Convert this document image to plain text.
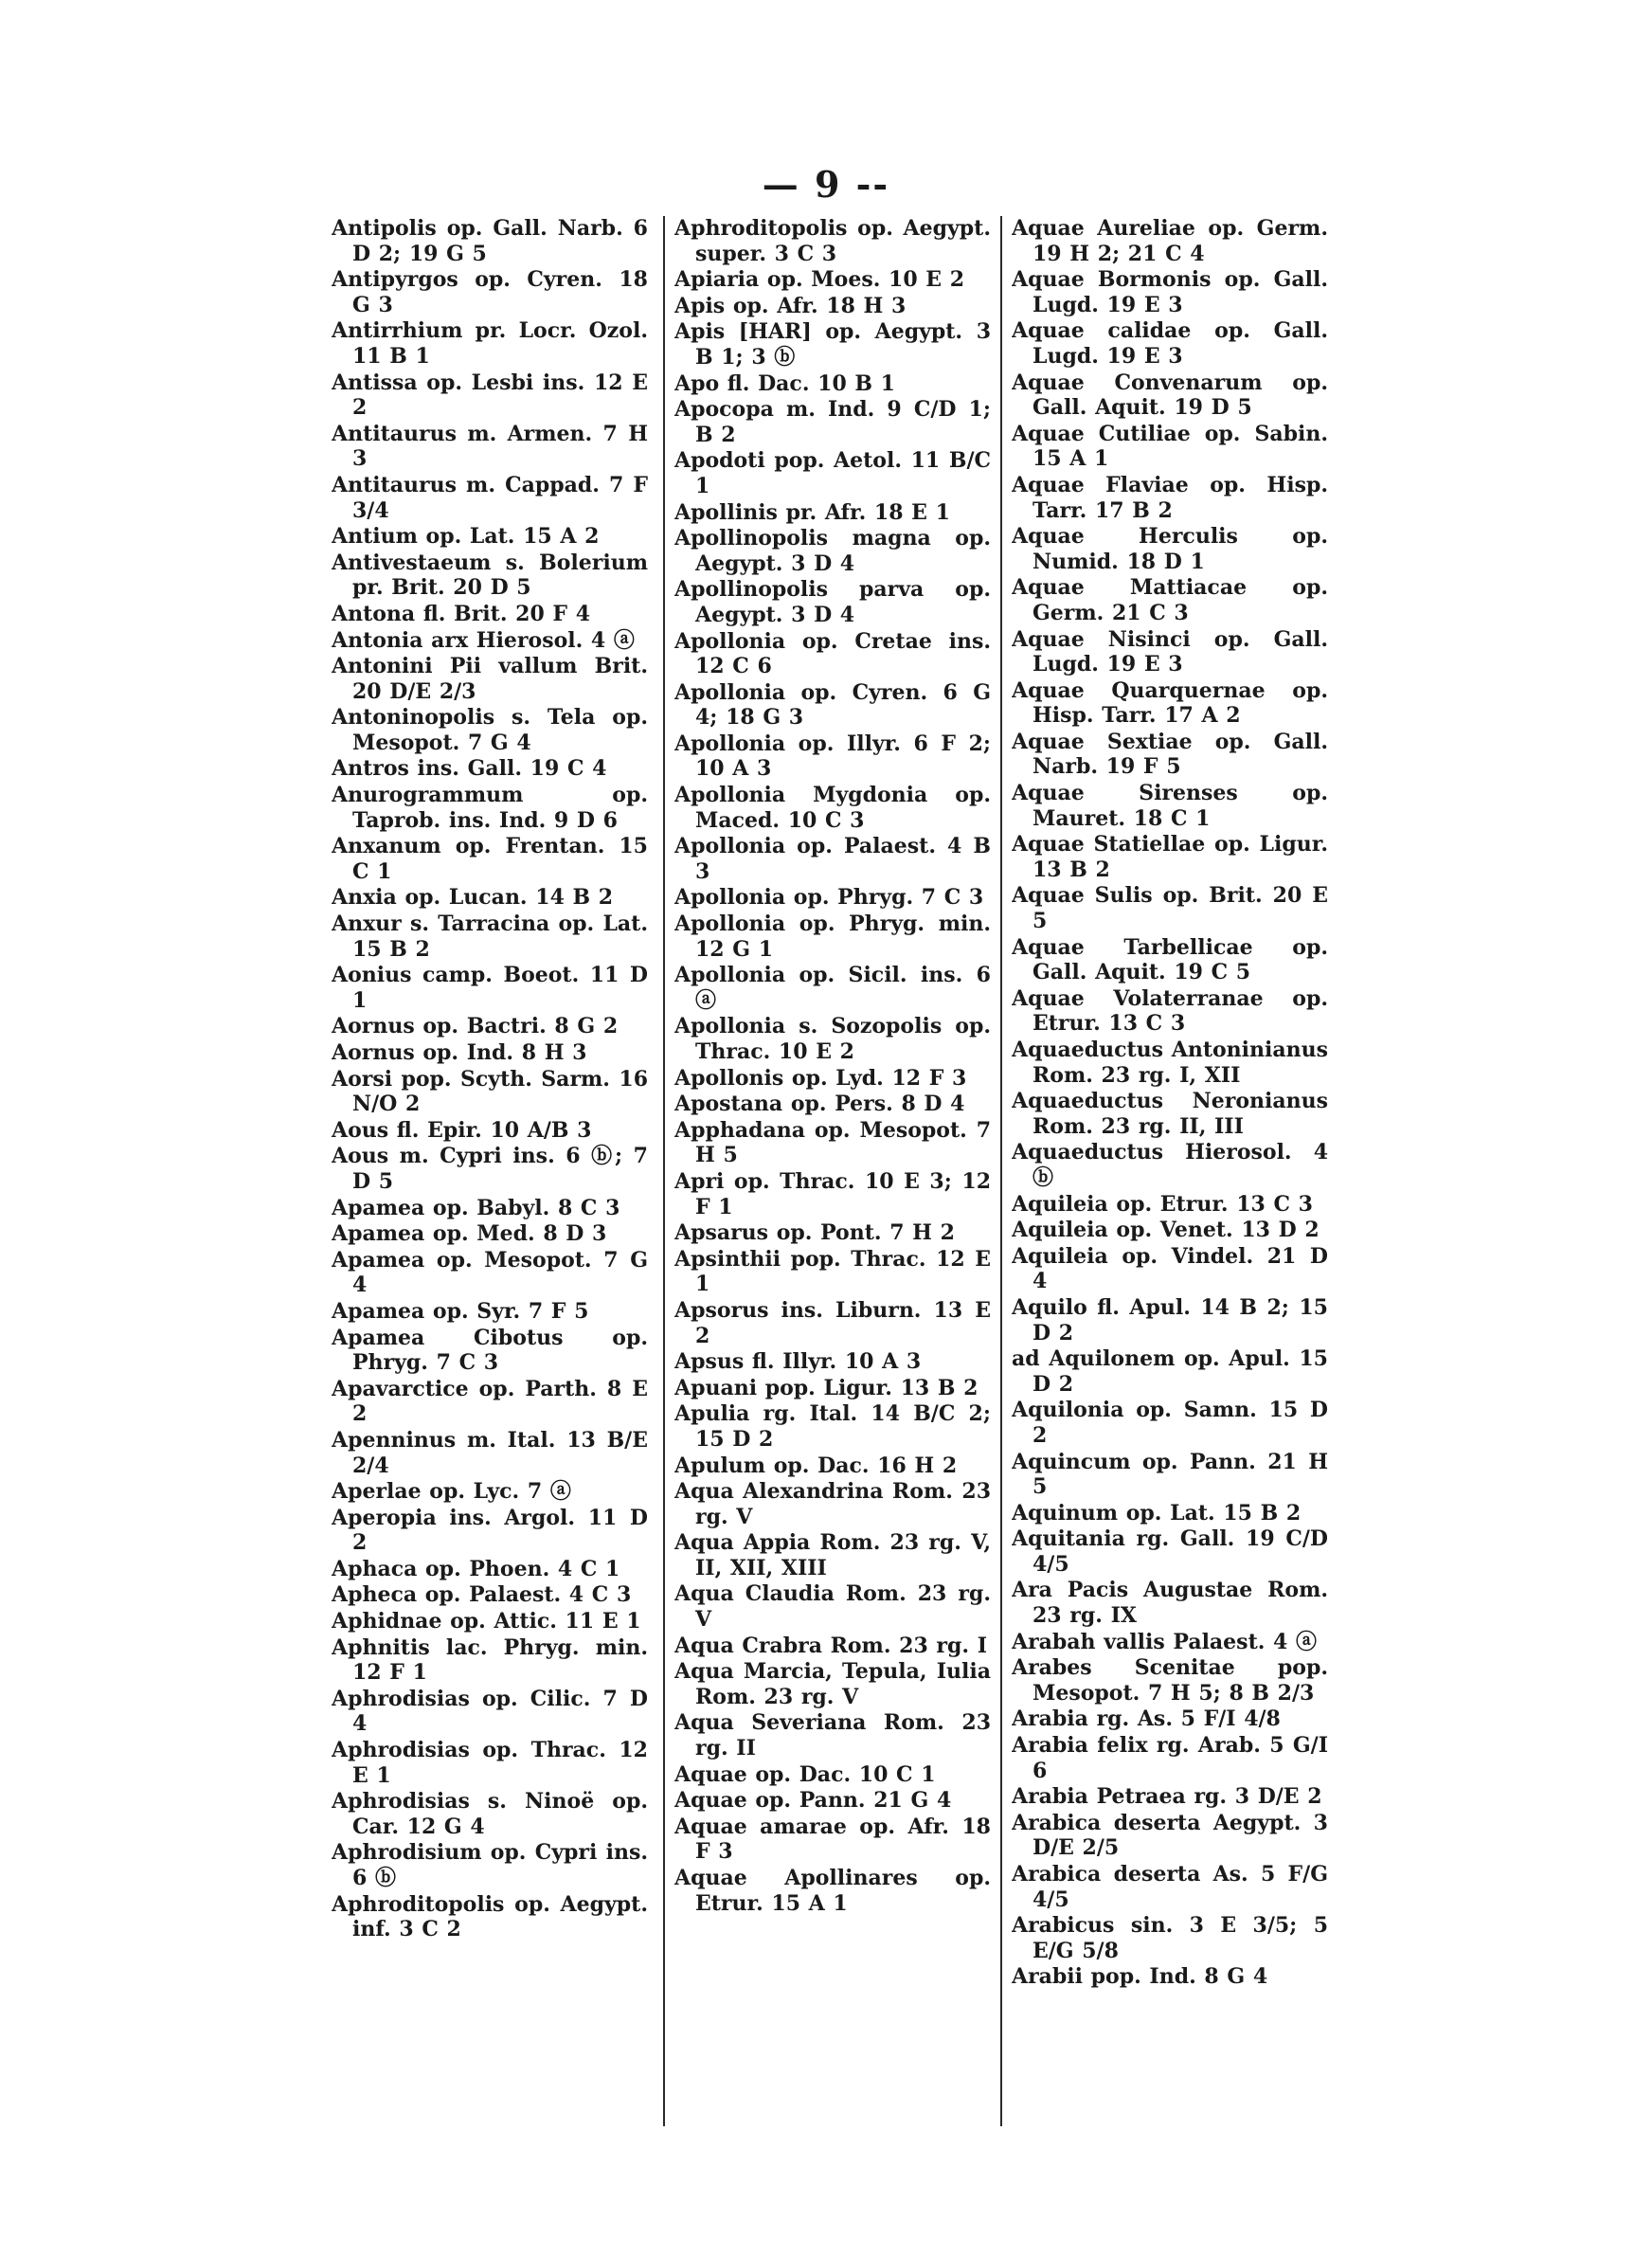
— 9 --
Antipolis op. Gall. Narb. 6 D 2; 19 G 5
Antipyrgos op. Cyren. 18 G 3
Antirrhium pr. Locr. Ozol. 11 B 1
Antissa op. Lesbi ins. 12 E 2
Antitaurus m. Armen. 7 H 3
Antitaurus m. Cappad. 7 F 3/4
Antium op. Lat. 15 A 2
Antivestaeum s. Bolerium pr. Brit. 20 D 5
Antona fl. Brit. 20 F 4
Antonia arx Hierosol. 4 ⓐ
Antonini Pii vallum Brit. 20 D/E 2/3
Antoninopolis s. Tela op. Mesopot. 7 G 4
Antros ins. Gall. 19 C 4
Anurogrammum op. Taprob. ins. Ind. 9 D 6
Anxanum op. Frentan. 15 C 1
Anxia op. Lucan. 14 B 2
Anxur s. Tarracina op. Lat. 15 B 2
Aonius camp. Boeot. 11 D 1
Aornus op. Bactri. 8 G 2
Aornus op. Ind. 8 H 3
Aorsi pop. Scyth. Sarm. 16 N/O 2
Aous fl. Epir. 10 A/B 3
Aous m. Cypri ins. 6 ⓑ; 7 D 5
Apamea op. Babyl. 8 C 3
Apamea op. Med. 8 D 3
Apamea op. Mesopot. 7 G 4
Apamea op. Syr. 7 F 5
Apamea Cibotus op. Phryg. 7 C 3
Apavarctice op. Parth. 8 E 2
Apenninus m. Ital. 13 B/E 2/4
Aperlae op. Lyc. 7 ⓐ
Aperopia ins. Argol. 11 D 2
Aphaca op. Phoen. 4 C 1
Apheca op. Palaest. 4 C 3
Aphidnae op. Attic. 11 E 1
Aphnitis lac. Phryg. min. 12 F 1
Aphrodisias op. Cilic. 7 D 4
Aphrodisias op. Thrac. 12 E 1
Aphrodisias s. Ninoë op. Car. 12 G 4
Aphrodisium op. Cypri ins. 6 ⓑ
Aphroditopolis op. Aegypt. inf. 3 C 2
Aphroditopolis op. Aegypt. super. 3 C 3
Apiaria op. Moes. 10 E 2
Apis op. Afr. 18 H 3
Apis [HAR] op. Aegypt. 3 B 1; 3 ⓑ
Apo fl. Dac. 10 B 1
Apocopa m. Ind. 9 C/D 1; B 2
Apodoti pop. Aetol. 11 B/C 1
Apollinis pr. Afr. 18 E 1
Apollinopolis magna op. Aegypt. 3 D 4
Apollinopolis parva op. Aegypt. 3 D 4
Apollonia op. Cretae ins. 12 C 6
Apollonia op. Cyren. 6 G 4; 18 G 3
Apollonia op. Illyr. 6 F 2; 10 A 3
Apollonia Mygdonia op. Maced. 10 C 3
Apollonia op. Palaest. 4 B 3
Apollonia op. Phryg. 7 C 3
Apollonia op. Phryg. min. 12 G 1
Apollonia op. Sicil. ins. 6 ⓐ
Apollonia s. Sozopolis op. Thrac. 10 E 2
Apollonis op. Lyd. 12 F 3
Apostana op. Pers. 8 D 4
Apphadana op. Mesopot. 7 H 5
Apri op. Thrac. 10 E 3; 12 F 1
Apsarus op. Pont. 7 H 2
Apsinthii pop. Thrac. 12 E 1
Apsorus ins. Liburn. 13 E 2
Apsus fl. Illyr. 10 A 3
Apuani pop. Ligur. 13 B 2
Apulia rg. Ital. 14 B/C 2; 15 D 2
Apulum op. Dac. 16 H 2
Aqua Alexandrina Rom. 23 rg. V
Aqua Appia Rom. 23 rg. V, II, XII, XIII
Aqua Claudia Rom. 23 rg. V
Aqua Crabra Rom. 23 rg. I
Aqua Marcia, Tepula, Iulia Rom. 23 rg. V
Aqua Severiana Rom. 23 rg. II
Aquae op. Dac. 10 C 1
Aquae op. Pann. 21 G 4
Aquae amarae op. Afr. 18 F 3
Aquae Apollinares op. Etrur. 15 A 1
Aquae Aureliae op. Germ. 19 H 2; 21 C 4
Aquae Bormonis op. Gall. Lugd. 19 E 3
Aquae calidae op. Gall. Lugd. 19 E 3
Aquae Convenarum op. Gall. Aquit. 19 D 5
Aquae Cutiliae op. Sabin. 15 A 1
Aquae Flaviae op. Hisp. Tarr. 17 B 2
Aquae Herculis op. Numid. 18 D 1
Aquae Mattiacae op. Germ. 21 C 3
Aquae Nisinci op. Gall. Lugd. 19 E 3
Aquae Quarquernae op. Hisp. Tarr. 17 A 2
Aquae Sextiae op. Gall. Narb. 19 F 5
Aquae Sirenses op. Mauret. 18 C 1
Aquae Statiellae op. Ligur. 13 B 2
Aquae Sulis op. Brit. 20 E 5
Aquae Tarbellicae op. Gall. Aquit. 19 C 5
Aquae Volaterranae op. Etrur. 13 C 3
Aquaeductus Antoninianus Rom. 23 rg. I, XII
Aquaeductus Neronianus Rom. 23 rg. II, III
Aquaeductus Hierosol. 4 ⓑ
Aquileia op. Etrur. 13 C 3
Aquileia op. Venet. 13 D 2
Aquileia op. Vindel. 21 D 4
Aquilo fl. Apul. 14 B 2; 15 D 2
ad Aquilonem op. Apul. 15 D 2
Aquilonia op. Samn. 15 D 2
Aquincum op. Pann. 21 H 5
Aquinum op. Lat. 15 B 2
Aquitania rg. Gall. 19 C/D 4/5
Ara Pacis Augustae Rom. 23 rg. IX
Arabah vallis Palaest. 4 ⓐ
Arabes Scenitae pop. Mesopot. 7 H 5; 8 B 2/3
Arabia rg. As. 5 F/I 4/8
Arabia felix rg. Arab. 5 G/I 6
Arabia Petraea rg. 3 D/E 2
Arabica deserta Aegypt. 3 D/E 2/5
Arabica deserta As. 5 F/G 4/5
Arabicus sin. 3 E 3/5; 5 E/G 5/8
Arabii pop. Ind. 8 G 4
